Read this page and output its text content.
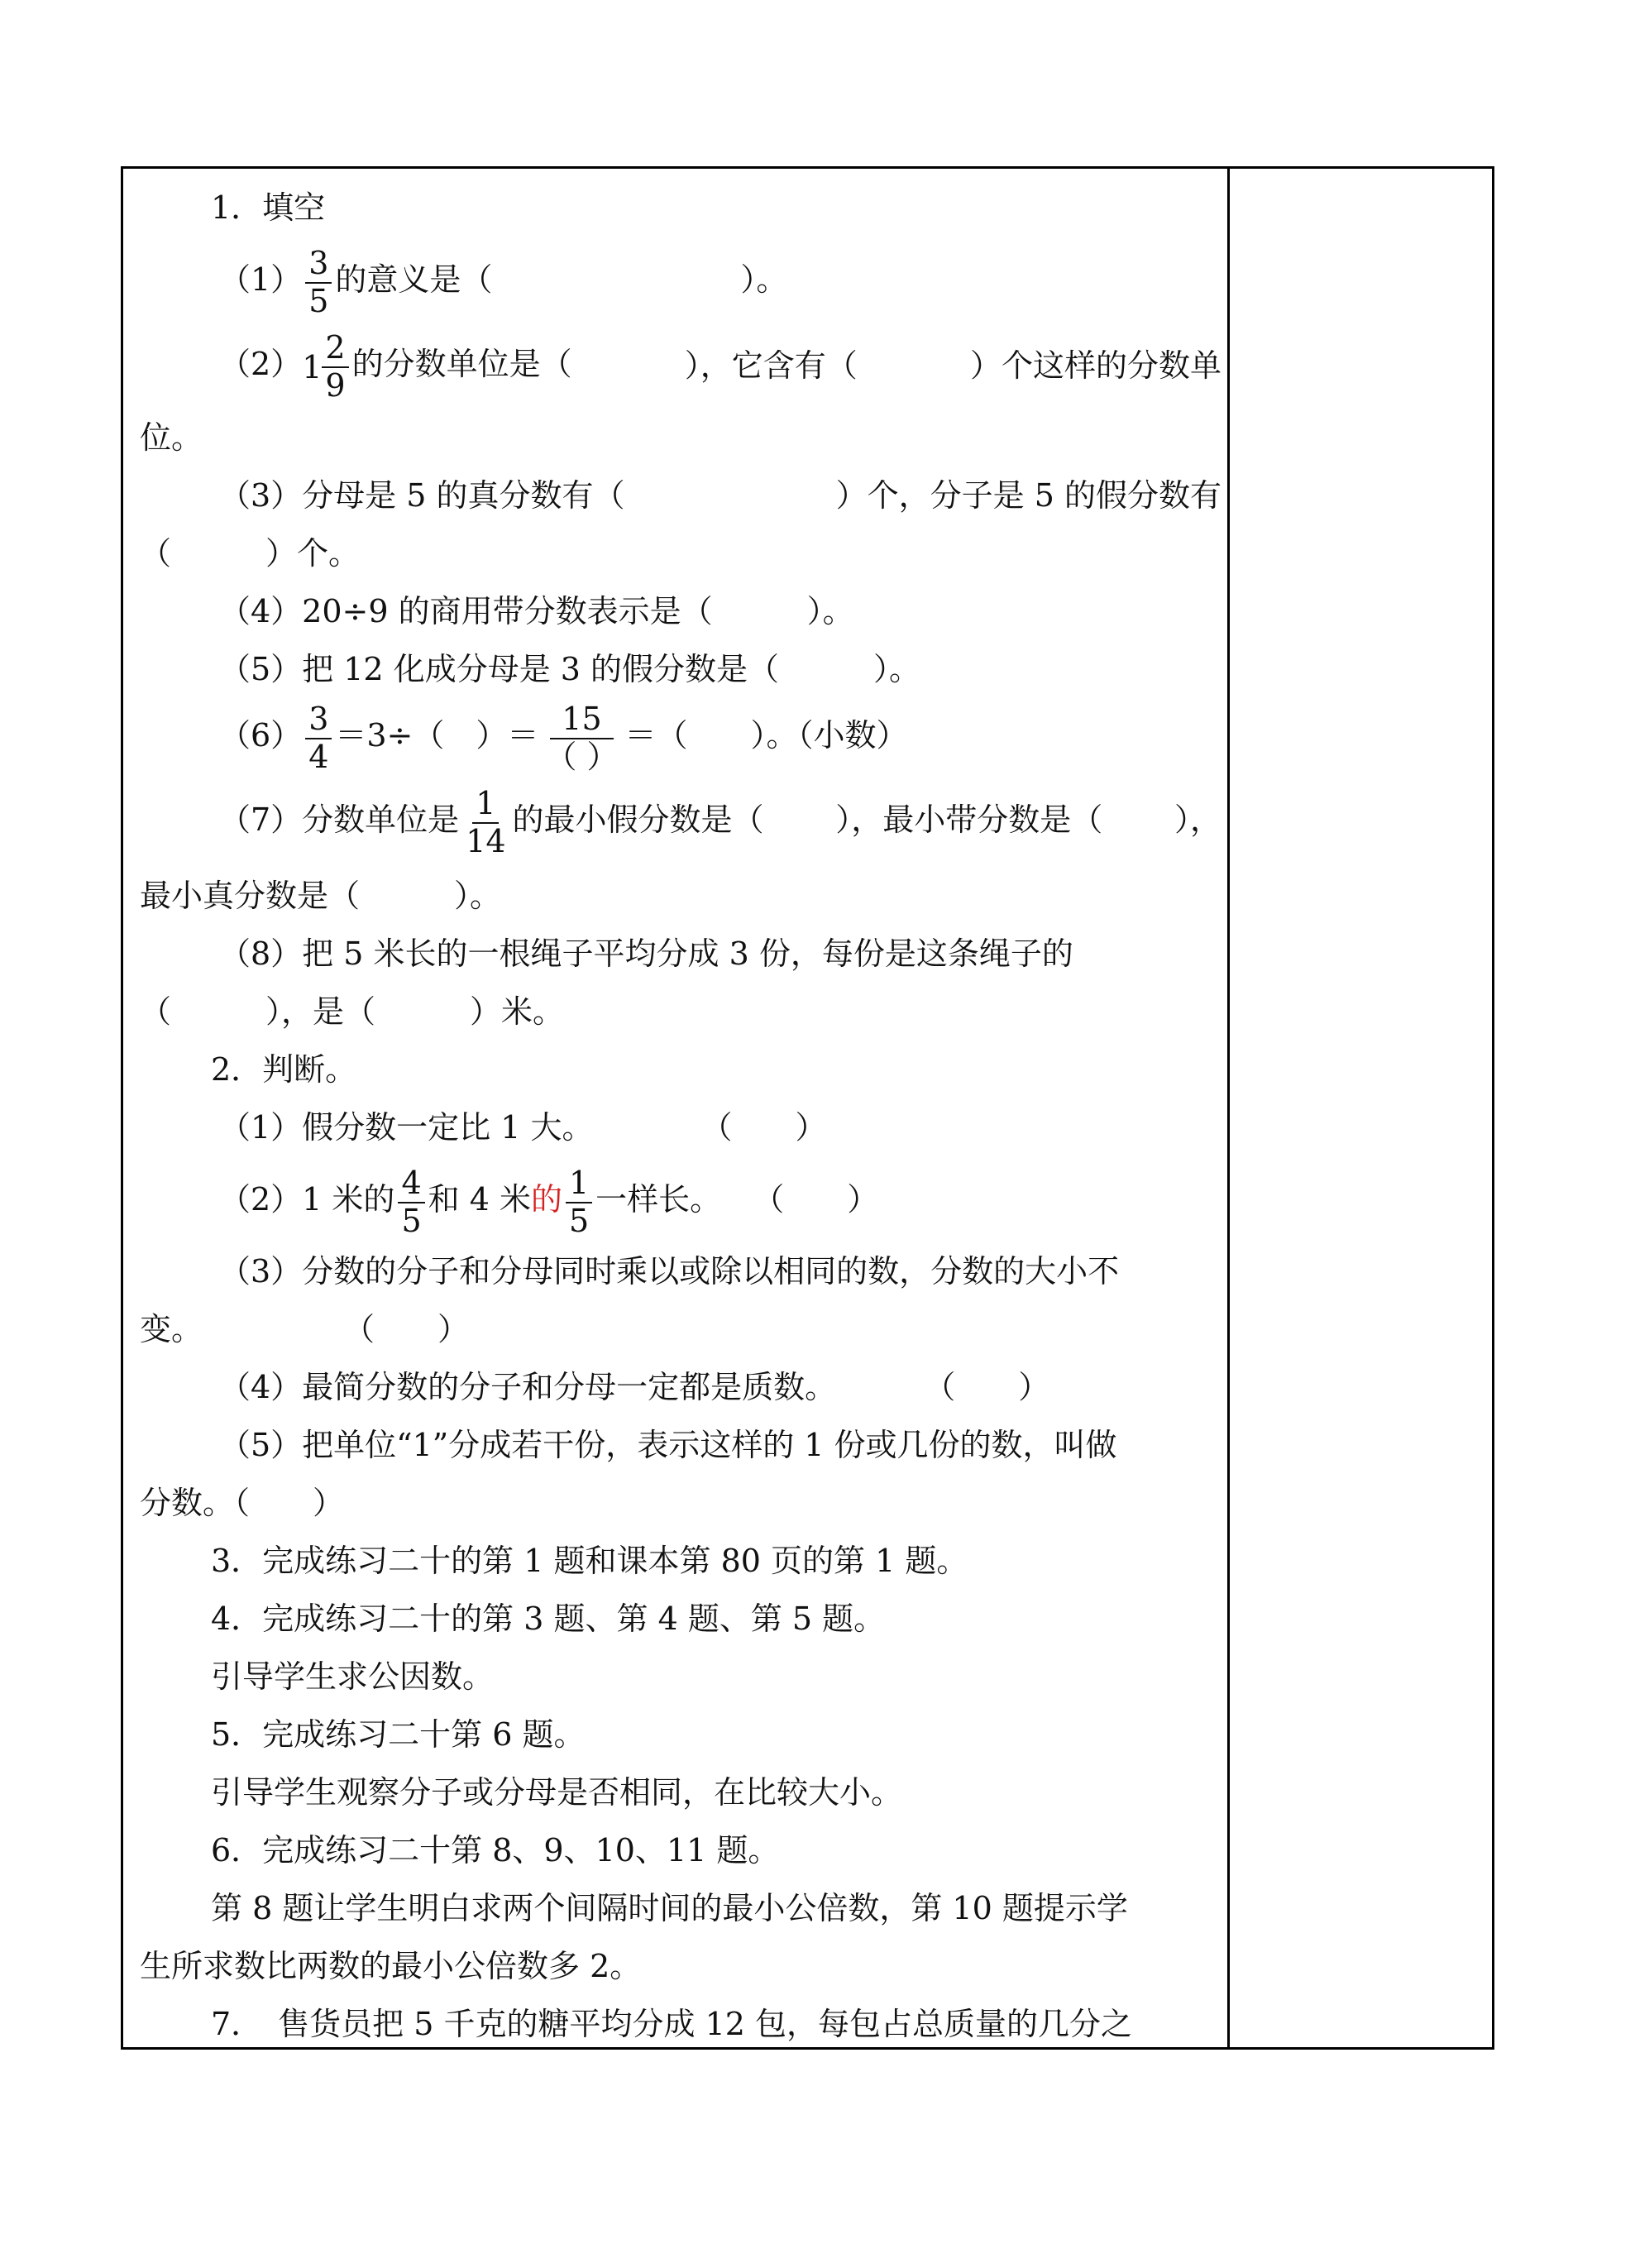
1．填空
$(1) \frac{3}{5}$ 的意义是（	）。
（2） $1 \frac{2}{9}$ 的分数单位是（	），它含有（	）个这样的分数单
位。
（3）分母是 5 的真分数有（	）个，分子是 5 的假分数有
（　　　）个。
（4）20÷9 的商用带分数表示是（　　　）。
（5）把 12 化成分母是 3 的假分数是（　　　）。
$(6) \frac{3}{4} =3\div$（　）＝ $\frac{15}{( )}$ ＝（　　）。（小数）
（7）分数单位是 $\frac{1}{14}$ 的最小假分数是（ ），最小带分数是（ ），
最小真分数是（　　　）。
（8）把 5 米长的一根绳子平均分成 3 份，每份是这条绳子的
（　　　），是（　　　）米。
2．判断。
（1）假分数一定比 1 大。	（　　）
（2）1 米的 $\frac{4}{5}$ 和 4 米的 $\frac{1}{5}$ 一样长。 （　　）
（3）分数的分子和分母同时乘以或除以相同的数，分数的大小不
变。	（　　）
（4）最简分数的分子和分母一定都是质数。	（　　）
（5）把单位“1”分成若干份，表示这样的 1 份或几份的数，叫做
分数。（　　）
3．完成练习二十的第 1 题和课本第 80 页的第 1 题。
4．完成练习二十的第 3 题、第 4 题、第 5 题。
引导学生求公因数。
5．完成练习二十第 6 题。
引导学生观察分子或分母是否相同，在比较大小。
6．完成练习二十第 8、9、10、11 题。
第 8 题让学生明白求两个间隔时间的最小公倍数，第 10 题提示学
生所求数比两数的最小公倍数多 2。
7．　售货员把 5 千克的糖平均分成 12 包，每包占总质量的几分之
